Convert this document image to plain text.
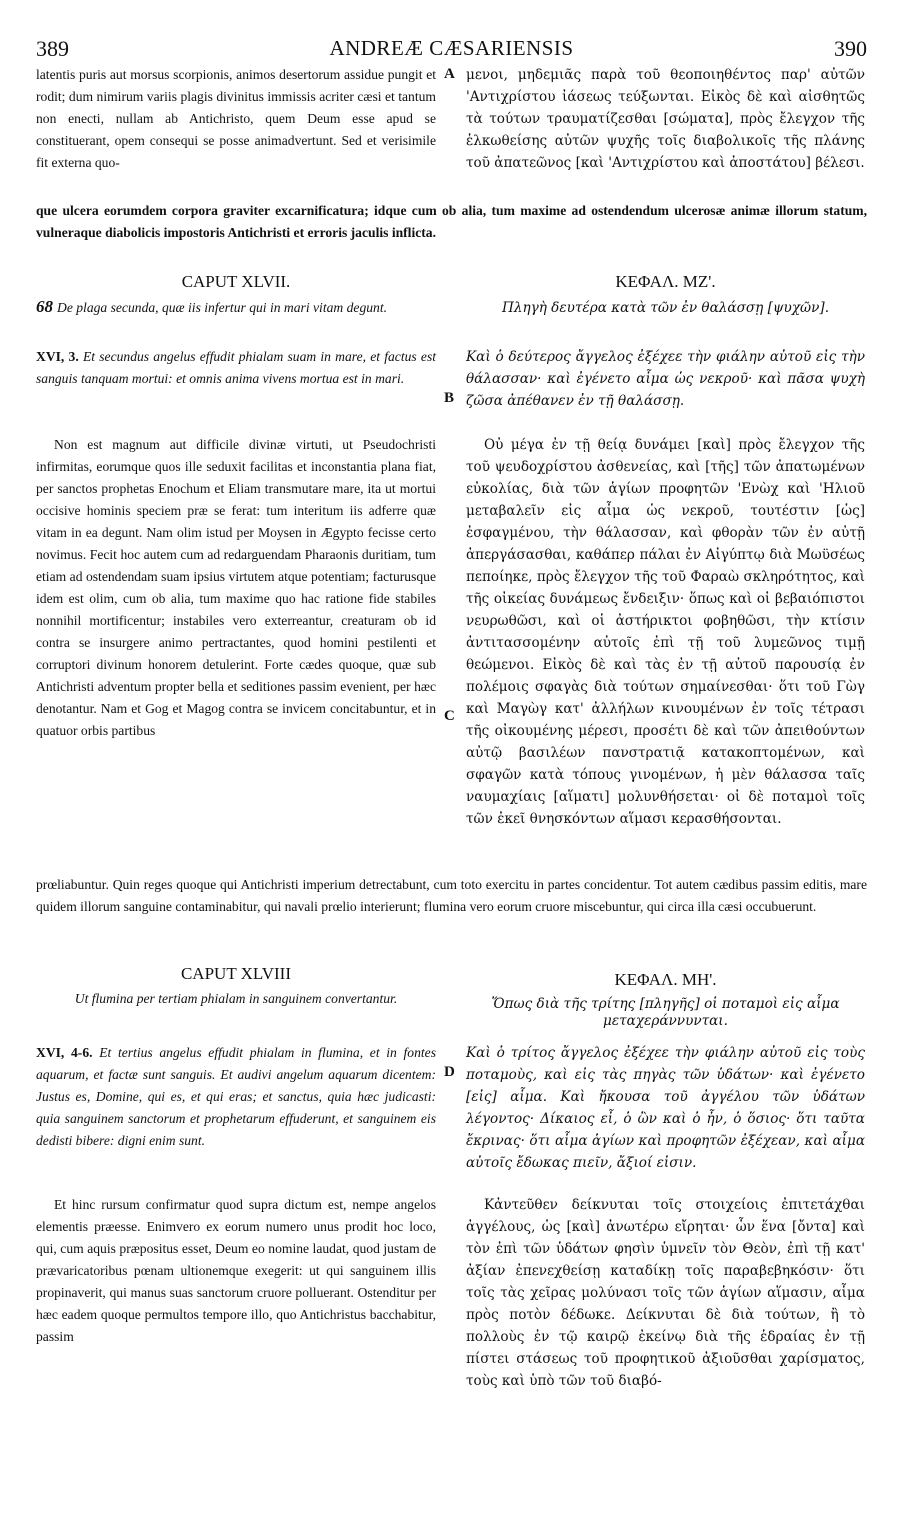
389	ANDREÆ CÆSARIENSIS	390

latentis puris aut morsus scorpionis, animos desertorum assidue pungit et rodit; dum nimirum variis plagis divinitus immissis acriter cæsi et tantum non enecti, nullam ab Antichristo, quem Deum esse apud se constituerant, opem consequi se posse animadvertunt. Sed et verisimile fit externa quo-

A μενοι, μηδεμιᾶς παρὰ τοῦ θεοποιηθέντος παρ' αὐτῶν 'Αντιχρίστου ἰάσεως τεύξωνται. Εἰκὸς δὲ καὶ αἰσθητῶς τὰ τούτων τραυματίζεσθαι [σώματα], πρὸς ἔλεγχον τῆς ἑλκωθείσης αὐτῶν ψυχῆς τοῖς διαβολικοῖς τῆς πλάνης τοῦ ἀπατεῶνος [καὶ 'Αντιχρίστου καὶ ἀποστάτου] βέλεσι.

que ulcera eorumdem corpora graviter excarnificatura; idque cum ob alia, tum maxime ad ostendendum ulcerosæ animæ illorum statum, vulneraque diabolicis impostoris Antichristi et erroris jaculis inflicta.

CAPUT XLVII.

68 De plaga secunda, quæ iis infertur qui in mari vitam degunt.

ΚΕΦΑΛ. ΜΖ'.

Πληγὴ δευτέρα κατὰ τῶν ἐν θαλάσσῃ [ψυχῶν].

XVI, 3. Et secundus angelus effudit phialam suam in mare, et factus est sanguis tanquam mortui: et omnis anima vivens mortua est in mari.

B

Καὶ ὁ δεύτερος ἄγγελος ἐξέχεε τὴν φιάλην αὐτοῦ εἰς τὴν θάλασσαν· καὶ ἐγένετο αἷμα ὡς νεκροῦ· καὶ πᾶσα ψυχὴ ζῶσα ἀπέθανεν ἐν τῇ θαλάσσῃ.

Non est magnum aut difficile divinæ virtuti, ut Pseudochristi infirmitas, eorumque quos ille seduxit facilitas et inconstantia plana fiat, per sanctos prophetas Enochum et Eliam transmutare mare, ita ut mortui occisive hominis speciem præ se ferat: tum interitum iis adferre quæ vitam in ea degunt. Nam olim istud per Moysen in Ægypto fecisse certo novimus. Fecit hoc autem cum ad redarguendam Pharaonis duritiam, tum etiam ad ostendendam suam ipsius virtutem atque potentiam; facturusque idem est olim, cum ob alia, tum maxime quo hac ratione fide stabiles nonnihil mortificentur; instabiles vero exterreantur, creaturam ob id contra se insurgere animo pertractantes, quod homini pestilenti et corruptori divinum honorem detulerint. Forte cædes quoque, quæ sub Antichristi adventum propter bella et seditiones passim evenient, per hæc denotantur. Nam et Gog et Magog contra se invicem concitabuntur, et in quatuor orbis partibus

C

Οὐ μέγα ἐν τῇ θείᾳ δυνάμει [καὶ] πρὸς ἔλεγχον τῆς τοῦ ψευδοχρίστου ἀσθενείας, καὶ [τῆς] τῶν ἀπατωμένων εὐκολίας, διὰ τῶν ἁγίων προφητῶν 'Ενὼχ καὶ 'Ηλιοῦ μεταβαλεῖν εἰς αἷμα ὡς νεκροῦ, τουτέστιν [ὡς] ἐσφαγμένου, τὴν θάλασσαν, καὶ φθορὰν τῶν ἐν αὐτῇ ἀπεργάσασθαι, καθάπερ πάλαι ἐν Αἰγύπτῳ διὰ Μωϋσέως πεποίηκε, πρὸς ἔλεγχον τῆς τοῦ Φαραὼ σκληρότητος, καὶ τῆς οἰκείας δυνάμεως ἔνδειξιν· ὅπως καὶ οἱ βεβαιόπιστοι νευρωθῶσι, καὶ οἱ ἀστήρικτοι φοβηθῶσι, τὴν κτίσιν ἀντιτασσομένην αὐτοῖς ἐπὶ τῇ τοῦ λυμεῶνος τιμῇ θεώμενοι. Εἰκὸς δὲ καὶ τὰς ἐν τῇ αὐτοῦ παρουσίᾳ ἐν πολέμοις σφαγὰς διὰ τούτων σημαίνεσθαι· ὅτι τοῦ Γὼγ καὶ Μαγὼγ κατ' ἀλλήλων κινουμένων ἐν τοῖς τέτρασι τῆς οἰκουμένης μέρεσι, προσέτι δὲ καὶ τῶν ἀπειθούντων αὐτῷ βασιλέων πανστρατιᾷ κατακοπτομένων, καὶ σφαγῶν κατὰ τόπους γινομένων, ἡ μὲν θάλασσα ταῖς ναυμαχίαις [αἵματι] μολυνθήσεται· οἱ δὲ ποταμοὶ τοῖς τῶν ἐκεῖ θνησκόντων αἵμασι κερασθήσονται.

prœliabuntur. Quin reges quoque qui Antichristi imperium detrectabunt, cum toto exercitu in partes concidentur. Tot autem cædibus passim editis, mare quidem illorum sanguine contaminabitur, qui navali prœlio interierunt; flumina vero eorum cruore miscebuntur, qui circa illa cæsi occubuerunt.

CAPUT XLVIII

Ut flumina per tertiam phialam in sanguinem convertantur.

ΚΕΦΑΛ. ΜΗ'.

Ὅπως διὰ τῆς τρίτης [πληγῆς] οἱ ποταμοὶ εἰς αἷμα μεταχεράννυνται.

XVI, 4-6. Et tertius angelus effudit phialam in flumina, et in fontes aquarum, et factæ sunt sanguis. Et audivi angelum aquarum dicentem: Justus es, Domine, qui es, et qui eras; et sanctus, quia hæc judicasti: quia sanguinem sanctorum et prophetarum effuderunt, et sanguinem eis dedisti bibere: digni enim sunt.

D

Καὶ ὁ τρίτος ἄγγελος ἐξέχεε τὴν φιάλην αὐτοῦ εἰς τοὺς ποταμοὺς, καὶ εἰς τὰς πηγὰς τῶν ὑδάτων· καὶ ἐγένετο [εἰς] αἷμα. Καὶ ἤκουσα τοῦ ἀγγέλου τῶν ὑδάτων λέγοντος· Δίκαιος εἶ, ὁ ὢν καὶ ὁ ἦν, ὁ ὅσιος· ὅτι ταῦτα ἔκρινας· ὅτι αἷμα ἁγίων καὶ προφητῶν ἐξέχεαν, καὶ αἷμα αὐτοῖς ἔδωκας πιεῖν, ἄξιοί εἰσιν.

Et hinc rursum confirmatur quod supra dictum est, nempe angelos elementis præesse. Enimvero ex eorum numero unus prodit hoc loco, qui, cum aquis præpositus esset, Deum eo nomine laudat, quod justam de prævaricatoribus pœnam ultionemque exegerit: ut qui sanguinem illis propinaverit, qui manus suas sanctorum cruore polluerant. Ostenditur per hæc eadem quoque permultos tempore illo, quo Antichristus bacchabitur, passim

Κἀντεῦθεν δείκνυται τοῖς στοιχείοις ἐπιτετάχθαι ἀγγέλους, ὡς [καὶ] ἀνωτέρω εἴρηται· ὧν ἕνα [ὄντα] καὶ τὸν ἐπὶ τῶν ὑδάτων φησὶν ὑμνεῖν τὸν Θεὸν, ἐπὶ τῇ κατ' ἀξίαν ἐπενεχθείσῃ καταδίκῃ τοῖς παραβεβηκόσιν· ὅτι τοῖς τὰς χεῖρας μολύνασι τοῖς τῶν ἁγίων αἵμασιν, αἷμα πρὸς ποτὸν δέδωκε. Δείκνυται δὲ διὰ τούτων, ἢ τὸ πολλοὺς ἐν τῷ καιρῷ ἐκείνῳ διὰ τῆς ἑδραίας ἐν τῇ πίστει στάσεως τοῦ προφητικοῦ ἀξιοῦσθαι χαρίσματος, τοὺς καὶ ὑπὸ τῶν τοῦ διαβό-
